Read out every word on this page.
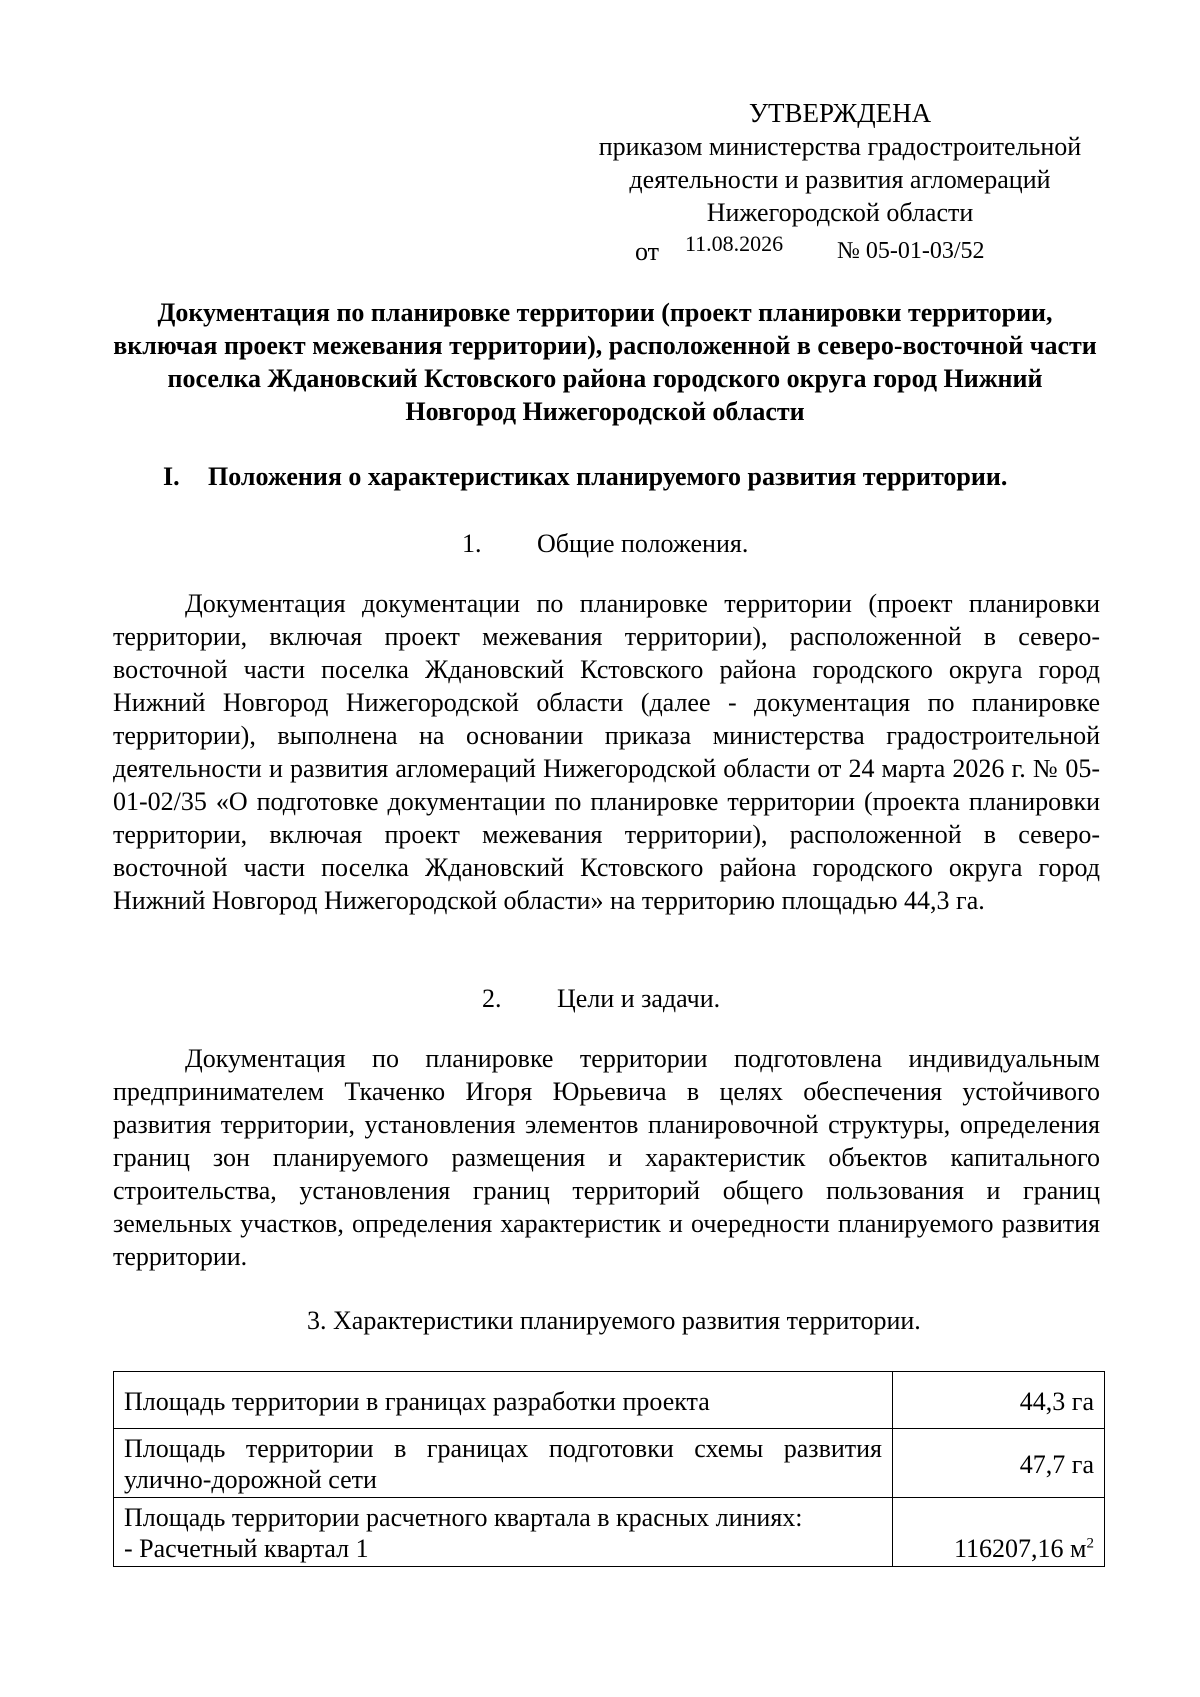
УТВЕРЖДЕНА
приказом министерства градостроительной
деятельности и развития агломераций
Нижегородской области
от 11.08.2026 № 05-01-03/52
Документация по планировке территории (проект планировки территории, включая проект межевания территории), расположенной в северо-восточной части поселка Ждановский Кстовского района городского округа город Нижний Новгород Нижегородской области
I. Положения о характеристиках планируемого развития территории.
1. Общие положения.

Документация документации по планировке территории (проект планировки территории, включая проект межевания территории), расположенной в северо-восточной части поселка Ждановский Кстовского района городского округа город Нижний Новгород Нижегородской области (далее - документация по планировке территории), выполнена на основании приказа министерства градостроительной деятельности и развития агломераций Нижегородской области от 24 марта 2026 г. № 05-01-02/35 «О подготовке документации по планировке территории (проекта планировки территории, включая проект межевания территории), расположенной в северо-восточной части поселка Ждановский Кстовского района городского округа город Нижний Новгород Нижегородской области» на территорию площадью 44,3 га.

2. Цели и задачи.

Документация по планировке территории подготовлена индивидуальным предпринимателем Ткаченко Игоря Юрьевича в целях обеспечения устойчивого развития территории, установления элементов планировочной структуры, определения границ зон планируемого размещения и характеристик объектов капитального строительства, установления границ территорий общего пользования и границ земельных участков, определения характеристик и очередности планируемого развития территории.

3. Характеристики планируемого развития территории.
Площадь территории в границах разработки проекта	44,3 га
Площадь территории в границах подготовки схемы развития улично-дорожной сети	47,7 га

Площадь территории расчетного квартала в красных линиях:
- Расчетный квартал 1	116207,16 $м^2$
